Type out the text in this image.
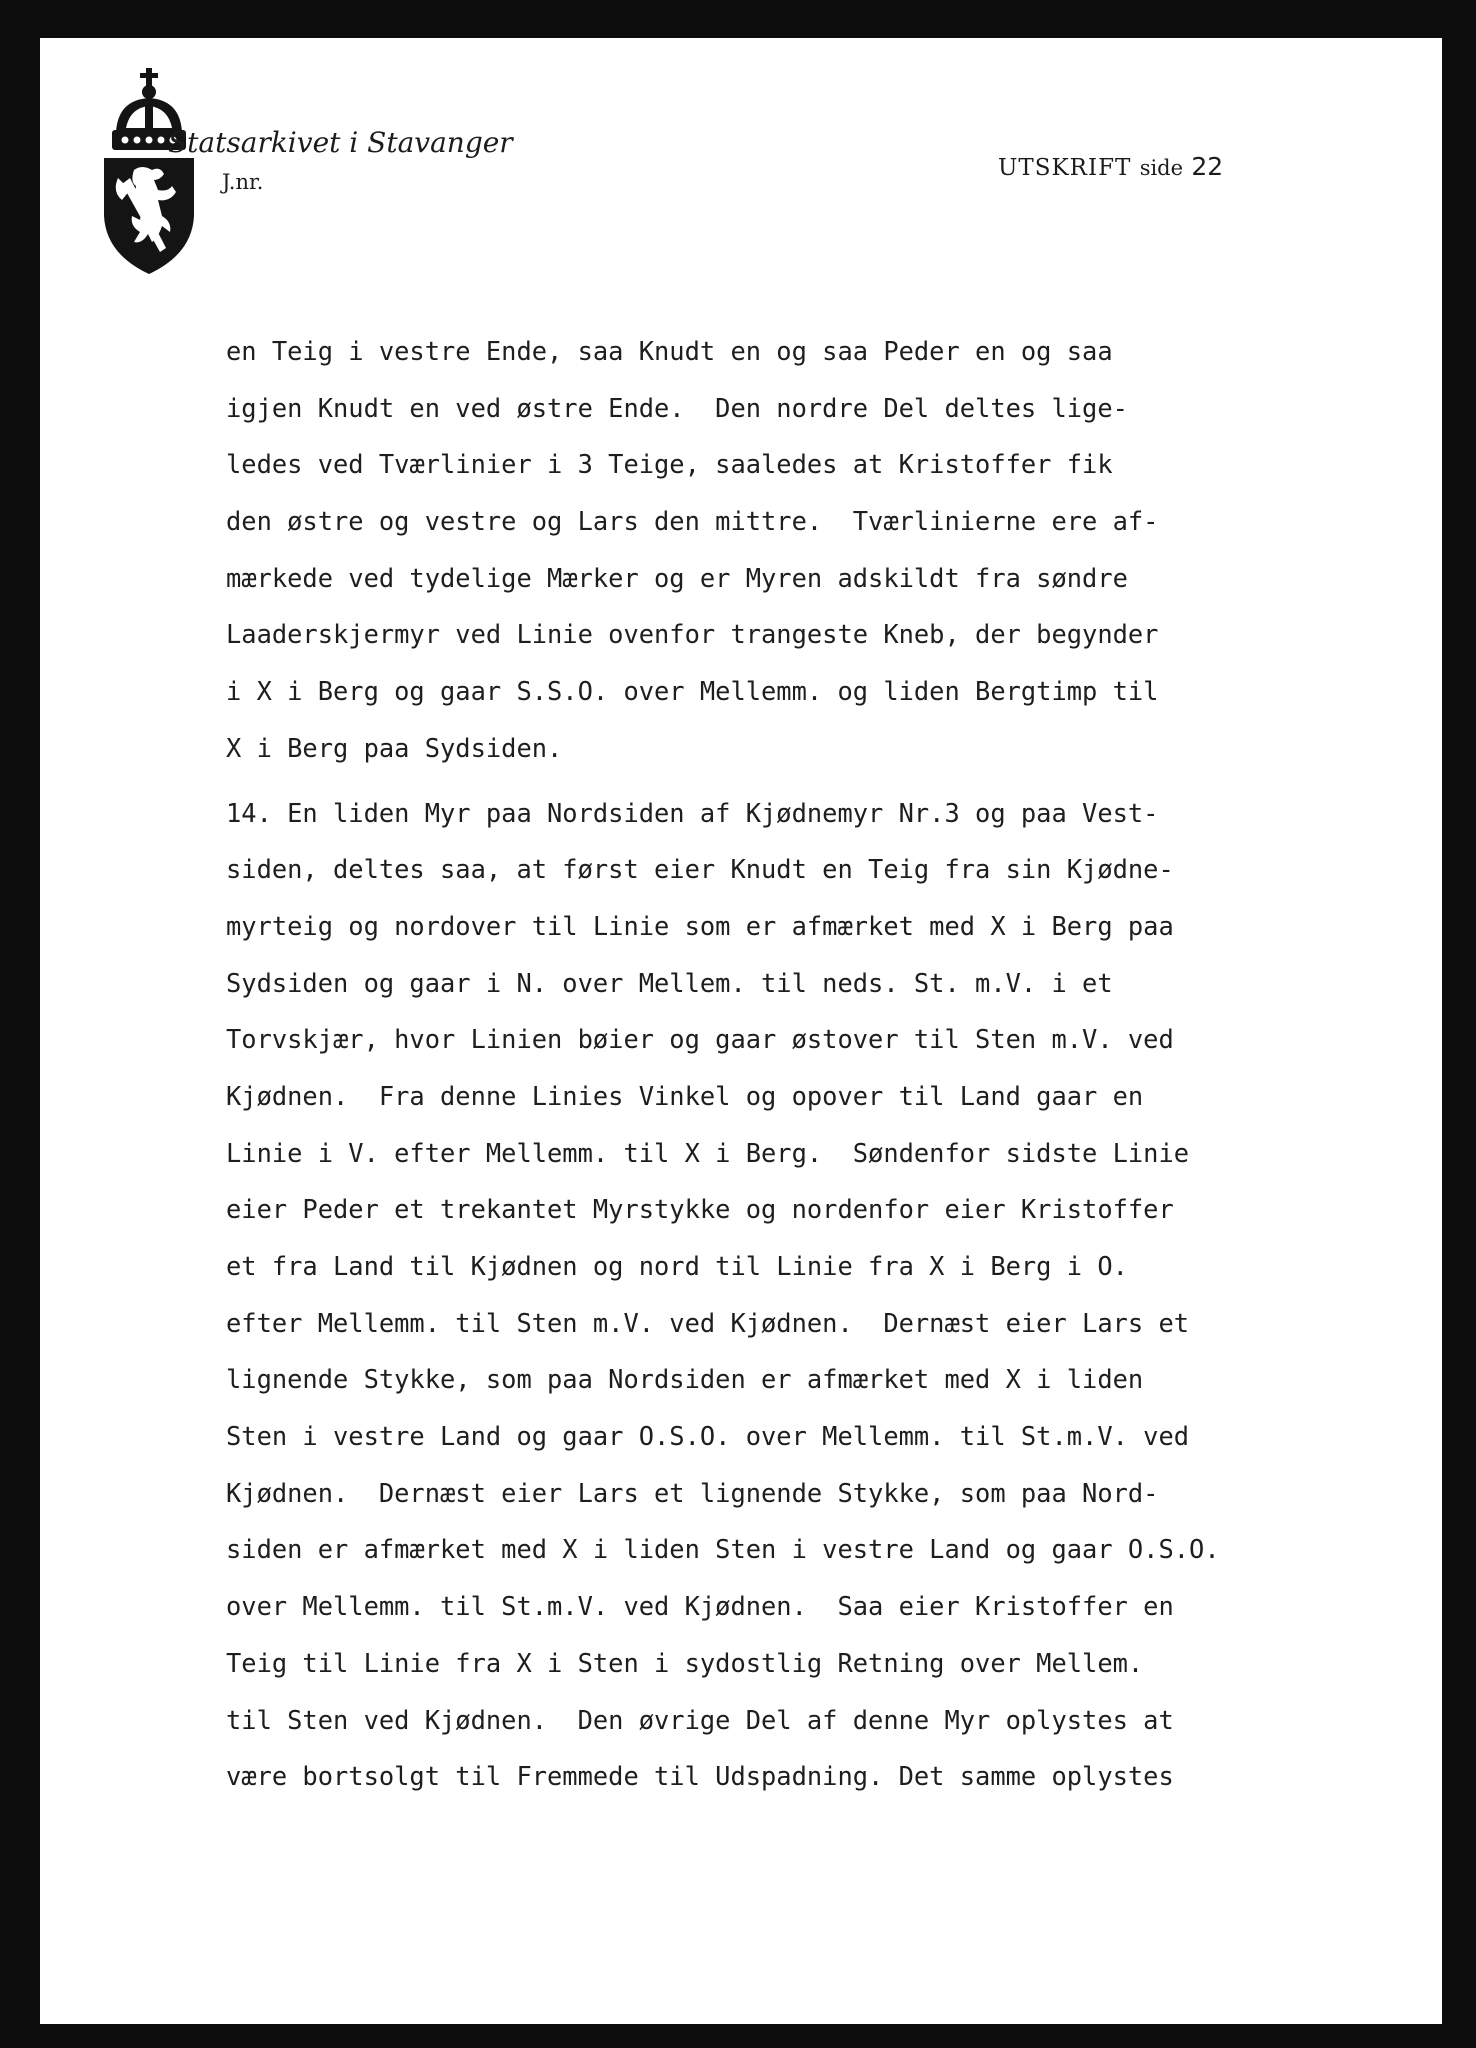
Statsarkivet i Stavanger
J.nr.
UTSKRIFT side 22
en Teig i vestre Ende, saa Knudt en og saa Peder en og saa
igjen Knudt en ved østre Ende.  Den nordre Del deltes lige-
ledes ved Tværlinier i 3 Teige, saaledes at Kristoffer fik
den østre og vestre og Lars den mittre.  Tværlinierne ere af-
mærkede ved tydelige Mærker og er Myren adskildt fra søndre
Laaderskjermyr ved Linie ovenfor trangeste Kneb, der begynder
i X i Berg og gaar S.S.O. over Mellemm. og liden Bergtimp til
X i Berg paa Sydsiden.
14. En liden Myr paa Nordsiden af Kjødnemyr Nr.3 og paa Vest-
siden, deltes saa, at først eier Knudt en Teig fra sin Kjødne-
myrteig og nordover til Linie som er afmærket med X i Berg paa
Sydsiden og gaar i N. over Mellem. til neds. St. m.V. i et
Torvskjær, hvor Linien bøier og gaar østover til Sten m.V. ved
Kjødnen.  Fra denne Linies Vinkel og opover til Land gaar en
Linie i V. efter Mellemm. til X i Berg.  Søndenfor sidste Linie
eier Peder et trekantet Myrstykke og nordenfor eier Kristoffer
et fra Land til Kjødnen og nord til Linie fra X i Berg i O.
efter Mellemm. til Sten m.V. ved Kjødnen.  Dernæst eier Lars et
lignende Stykke, som paa Nordsiden er afmærket med X i liden
Sten i vestre Land og gaar O.S.O. over Mellemm. til St.m.V. ved
Kjødnen.  Dernæst eier Lars et lignende Stykke, som paa Nord-
siden er afmærket med X i liden Sten i vestre Land og gaar O.S.O.
over Mellemm. til St.m.V. ved Kjødnen.  Saa eier Kristoffer en
Teig til Linie fra X i Sten i sydostlig Retning over Mellem.
til Sten ved Kjødnen.  Den øvrige Del af denne Myr oplystes at
være bortsolgt til Fremmede til Udspadning. Det samme oplystes
